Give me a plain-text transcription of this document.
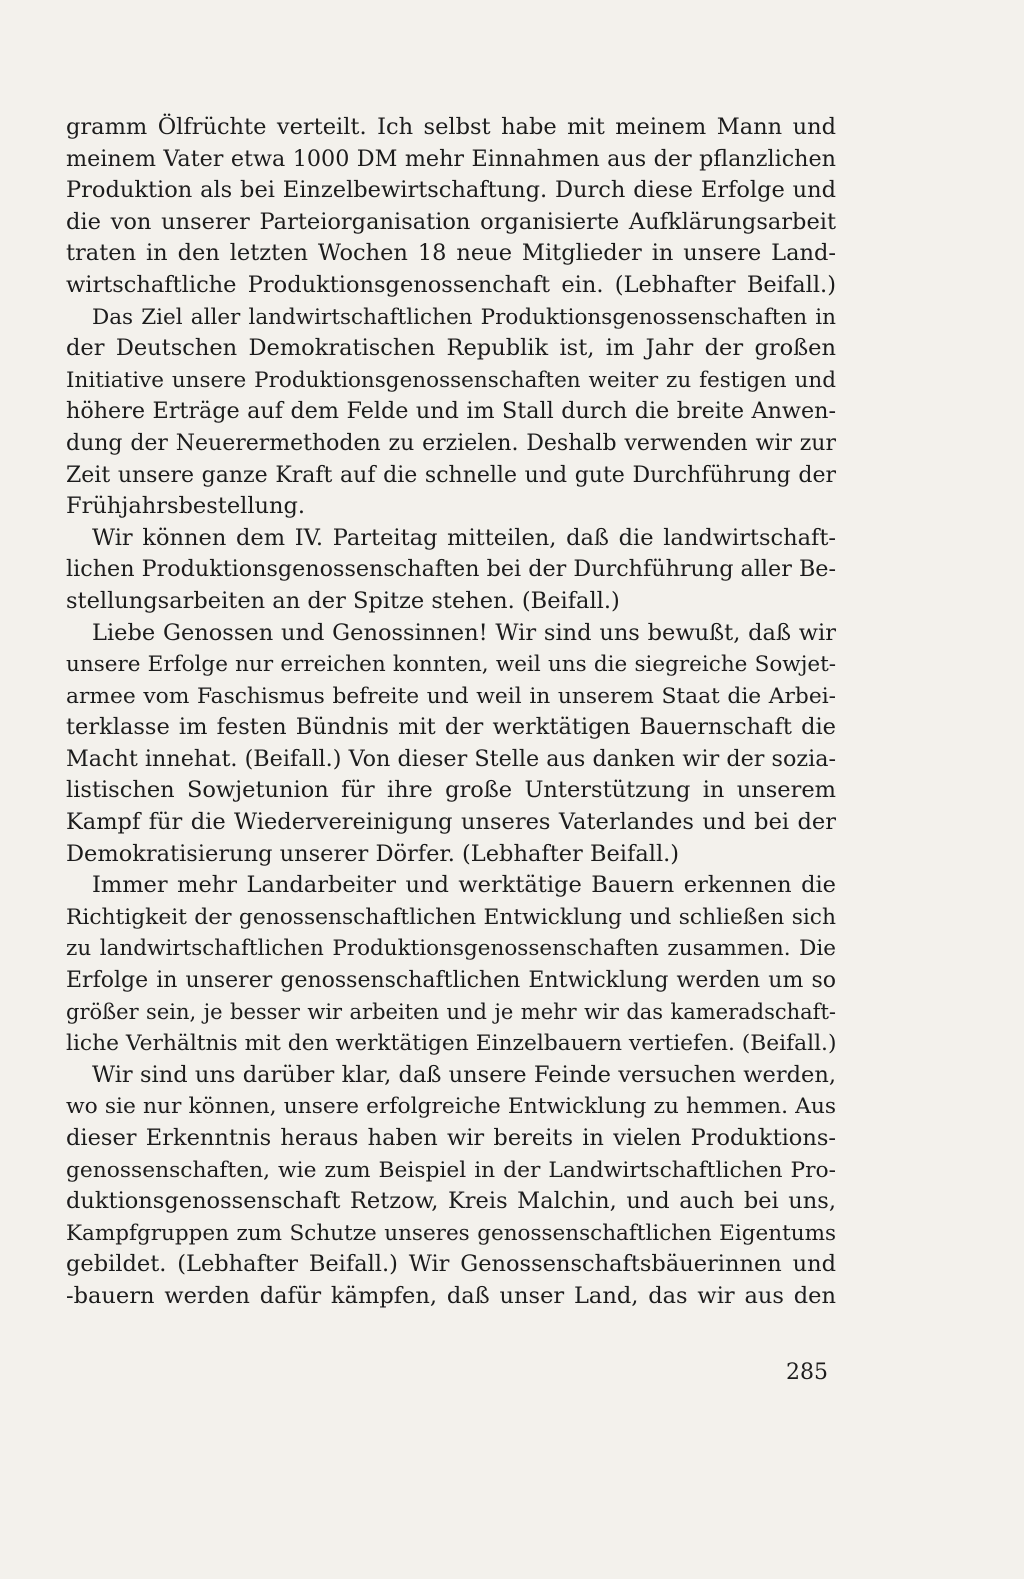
gramm Ölfrüchte verteilt. Ich selbst habe mit meinem Mann und
meinem Vater etwa 1000 DM mehr Einnahmen aus der pflanzlichen
Produktion als bei Einzelbewirtschaftung. Durch diese Erfolge und
die von unserer Parteiorganisation organisierte Aufklärungsarbeit
traten in den letzten Wochen 18 neue Mitglieder in unsere Land-
wirtschaftliche Produktionsgenossenchaft ein. (Lebhafter Beifall.)
Das Ziel aller landwirtschaftlichen Produktionsgenossenschaften in
der Deutschen Demokratischen Republik ist, im Jahr der großen
Initiative unsere Produktionsgenossenschaften weiter zu festigen und
höhere Erträge auf dem Felde und im Stall durch die breite Anwen-
dung der Neuerermethoden zu erzielen. Deshalb verwenden wir zur
Zeit unsere ganze Kraft auf die schnelle und gute Durchführung der
Frühjahrsbestellung.
Wir können dem IV. Parteitag mitteilen, daß die landwirtschaft-
lichen Produktionsgenossenschaften bei der Durchführung aller Be-
stellungsarbeiten an der Spitze stehen. (Beifall.)
Liebe Genossen und Genossinnen! Wir sind uns bewußt, daß wir
unsere Erfolge nur erreichen konnten, weil uns die siegreiche Sowjet-
armee vom Faschismus befreite und weil in unserem Staat die Arbei-
terklasse im festen Bündnis mit der werktätigen Bauernschaft die
Macht innehat. (Beifall.) Von dieser Stelle aus danken wir der sozia-
listischen Sowjetunion für ihre große Unterstützung in unserem
Kampf für die Wiedervereinigung unseres Vaterlandes und bei der
Demokratisierung unserer Dörfer. (Lebhafter Beifall.)
Immer mehr Landarbeiter und werktätige Bauern erkennen die
Richtigkeit der genossenschaftlichen Entwicklung und schließen sich
zu landwirtschaftlichen Produktionsgenossenschaften zusammen. Die
Erfolge in unserer genossenschaftlichen Entwicklung werden um so
größer sein, je besser wir arbeiten und je mehr wir das kameradschaft-
liche Verhältnis mit den werktätigen Einzelbauern vertiefen. (Beifall.)
Wir sind uns darüber klar, daß unsere Feinde versuchen werden,
wo sie nur können, unsere erfolgreiche Entwicklung zu hemmen. Aus
dieser Erkenntnis heraus haben wir bereits in vielen Produktions-
genossenschaften, wie zum Beispiel in der Landwirtschaftlichen Pro-
duktionsgenossenschaft Retzow, Kreis Malchin, und auch bei uns,
Kampfgruppen zum Schutze unseres genossenschaftlichen Eigentums
gebildet. (Lebhafter Beifall.) Wir Genossenschaftsbäuerinnen und
-bauern werden dafür kämpfen, daß unser Land, das wir aus den
285
